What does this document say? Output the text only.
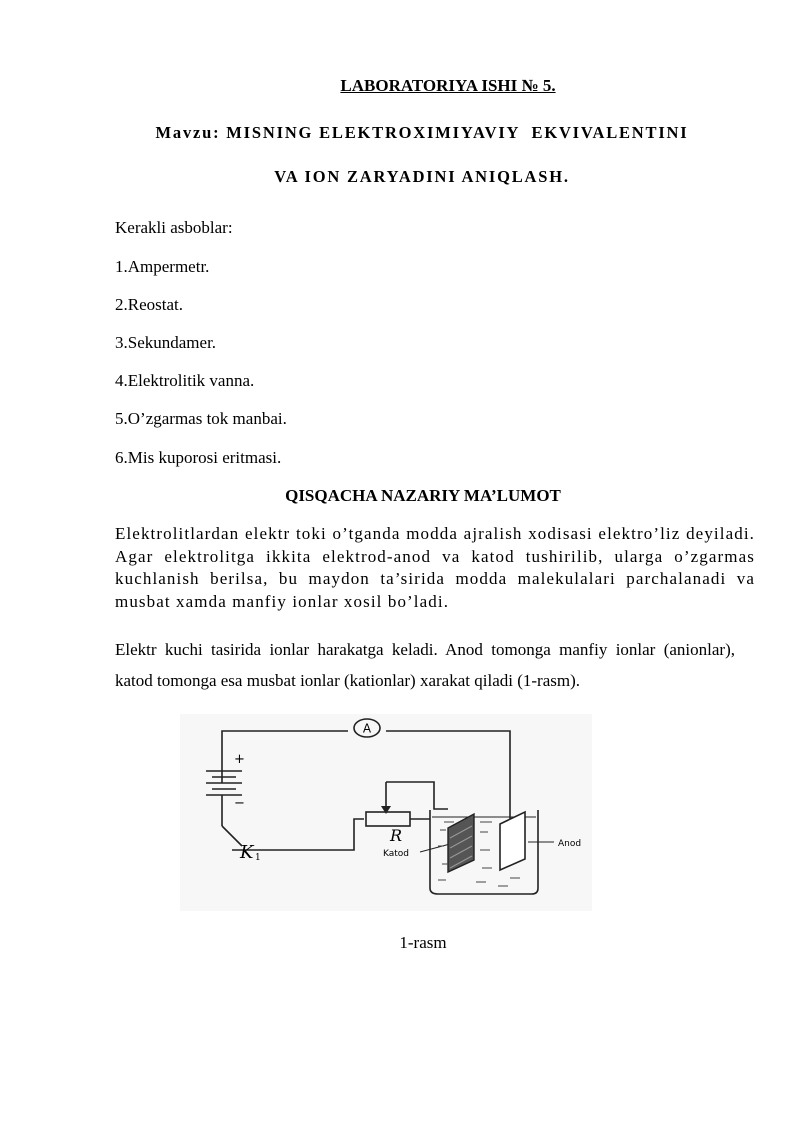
LABORATORIYA ISHI № 5.
Mavzu: MISNING ELEKTROXIMIYAVIY  EKVIVALENTINI
VA ION ZARYADINI ANIQLASH.
Kerakli asboblar:
1.Ampermetr.
2.Reostat.
3.Sekundamer.
4.Elektrolitik vanna.
5.O’zgarmas tok manbai.
6.Mis kuporosi eritmasi.
QISQACHA NAZARIY MA’LUMOT
Elektrolitlardan elektr toki o’tganda modda ajralish xodisasi elektro’liz deyiladi. Agar elektrolitga ikkita elektrod-anod va katod tushirilib, ularga o’zgarmas kuchlanish berilsa, bu maydon ta’sirida modda malekulalari parchalanadi va musbat xamda manfiy ionlar xosil bo’ladi.
Elektr kuchi tasirida ionlar harakatga keladi. Anod tomonga manfiy ionlar (anionlar), katod tomonga esa musbat ionlar (kationlar) xarakat qiladi (1-rasm).
A
+
−
K 1
R
Katod
Anod
1-rasm
